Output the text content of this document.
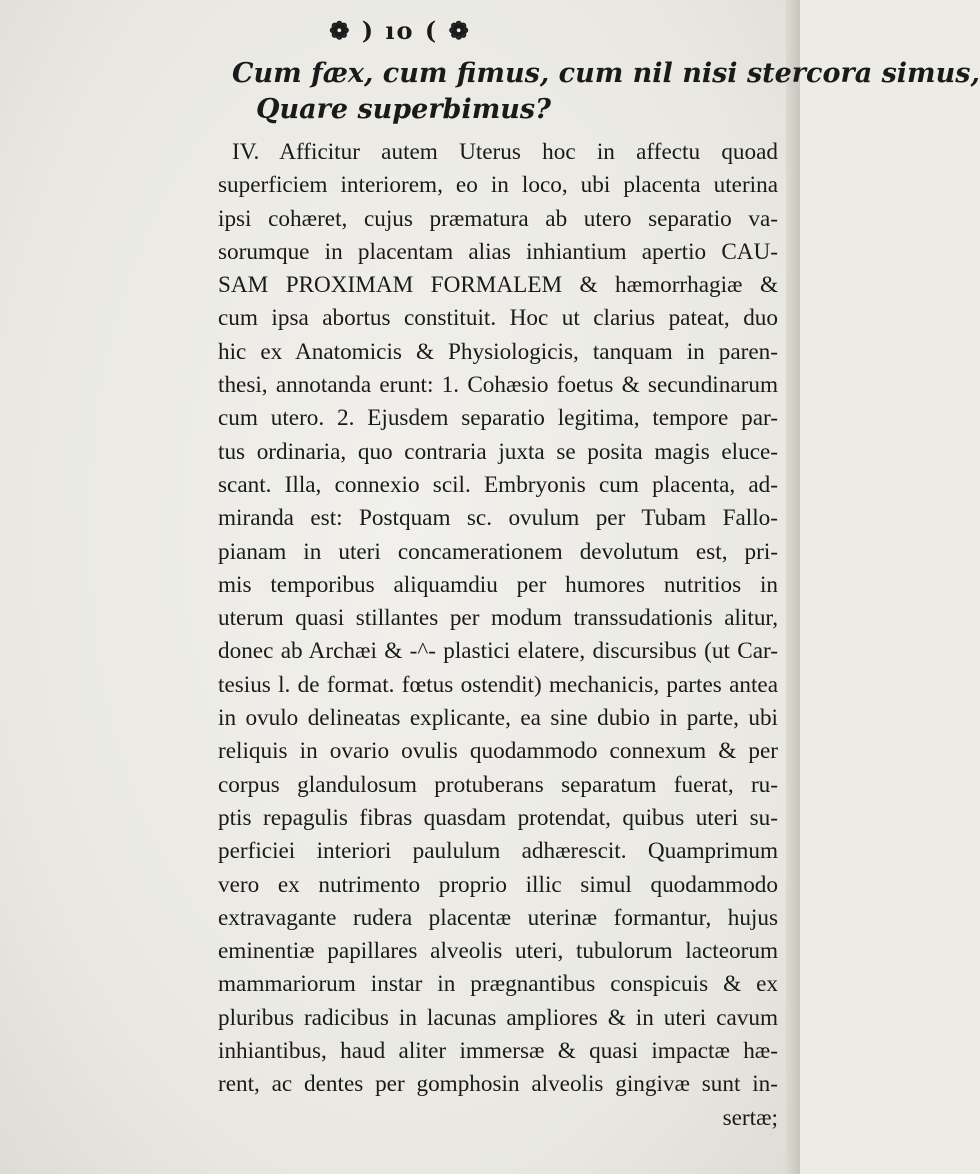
❁ ) ıo ( ❁
Cum fæx, cum fimus, cum nil nisi stercora simus,
Quare superbimus?
IV. Afficitur autem Uterus hoc in affectu quoad
superficiem interiorem, eo in loco, ubi placenta uterina
ipsi cohæret, cujus præmatura ab utero separatio va-
sorumque in placentam alias inhiantium apertio CAU-
SAM PROXIMAM FORMALEM & hæmorrhagiæ &
cum ipsa abortus constituit. Hoc ut clarius pateat, duo
hic ex Anatomicis & Physiologicis, tanquam in paren-
thesi, annotanda erunt: 1. Cohæsio foetus & secundinarum
cum utero. 2. Ejusdem separatio legitima, tempore par-
tus ordinaria, quo contraria juxta se posita magis eluce-
scant. Illa, connexio scil. Embryonis cum placenta, ad-
miranda est: Postquam sc. ovulum per Tubam Fallo-
pianam in uteri concamerationem devolutum est, pri-
mis temporibus aliquamdiu per humores nutritios in
uterum quasi stillantes per modum transsudationis alitur,
donec ab Archæi & -^- plastici elatere, discursibus (ut Car-
tesius l. de format. fœtus ostendit) mechanicis, partes antea
in ovulo delineatas explicante, ea sine dubio in parte, ubi
reliquis in ovario ovulis quodammodo connexum & per
corpus glandulosum protuberans separatum fuerat, ru-
ptis repagulis fibras quasdam protendat, quibus uteri su-
perficiei interiori paululum adhærescit. Quamprimum
vero ex nutrimento proprio illic simul quodammodo
extravagante rudera placentæ uterinæ formantur, hujus
eminentiæ papillares alveolis uteri, tubulorum lacteorum
mammariorum instar in prægnantibus conspicuis & ex
pluribus radicibus in lacunas ampliores & in uteri cavum
inhiantibus, haud aliter immersæ & quasi impactæ hæ-
rent, ac dentes per gomphosin alveolis gingivæ sunt in-
sertæ;
